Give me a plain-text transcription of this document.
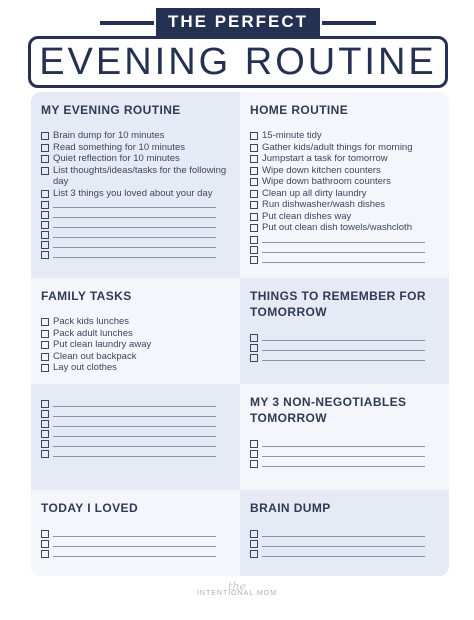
THE PERFECT
EVENING ROUTINE
MY EVENING ROUTINE
Brain dump for 10 minutes
Read something for 10 minutes
Quiet reflection for 10 minutes
List thoughts/ideas/tasks for the following day
List 3 things you loved about your day
HOME ROUTINE
15-minute tidy
Gather kids/adult things for morning
Jumpstart a task for tomorrow
Wipe down kitchen counters
Wipe down bathroom counters
Clean up all dirty laundry
Run dishwasher/wash dishes
Put clean dishes way
Put out clean dish towels/washcloth
FAMILY TASKS
Pack kids lunches
Pack adult lunches
Put clean laundry away
Clean out backpack
Lay out clothes
THINGS TO REMEMBER FOR TOMORROW
MY 3 NON-NEGOTIABLES TOMORROW
TODAY I LOVED	BRAIN DUMP
the
INTENTIONAL MOM
